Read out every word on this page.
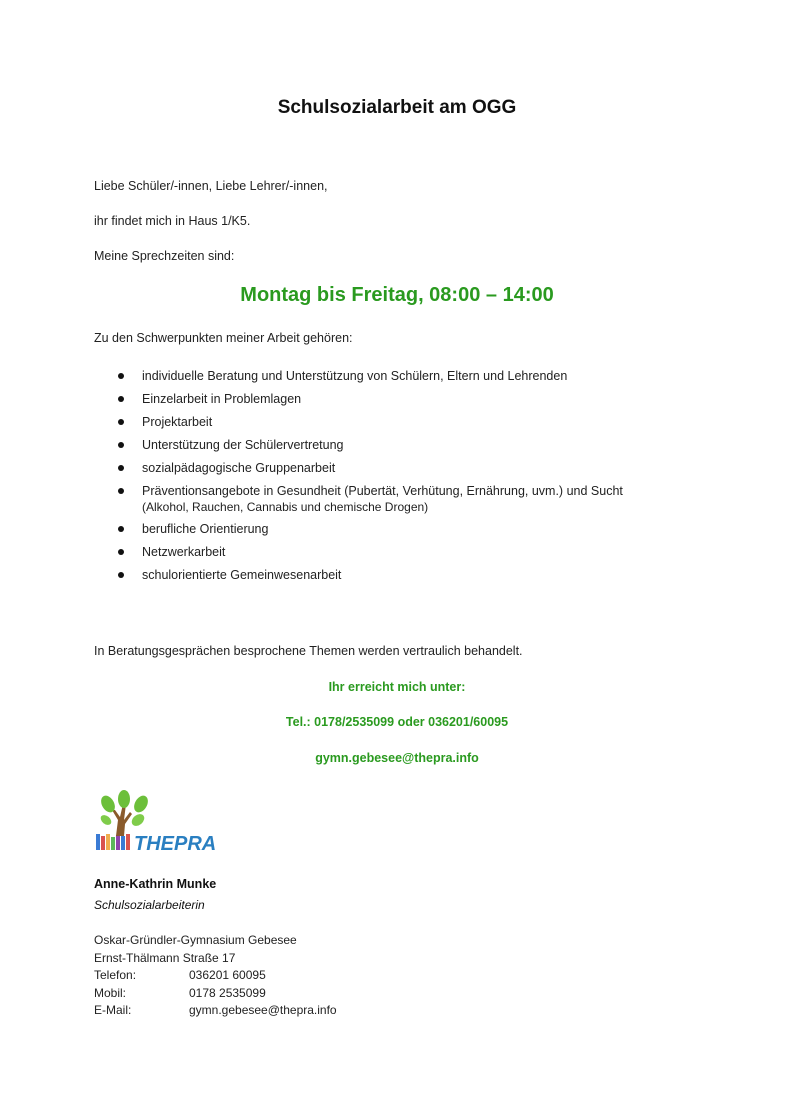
Schulsozialarbeit am OGG
Liebe Schüler/-innen, Liebe Lehrer/-innen,
ihr findet mich in Haus 1/K5.
Meine Sprechzeiten sind:
Montag bis Freitag, 08:00 – 14:00
Zu den Schwerpunkten meiner Arbeit gehören:
individuelle Beratung und Unterstützung von Schülern, Eltern und Lehrenden
Einzelarbeit in Problemlagen
Projektarbeit
Unterstützung der Schülervertretung
sozialpädagogische Gruppenarbeit
Präventionsangebote in Gesundheit (Pubertät, Verhütung, Ernährung, uvm.) und Sucht
(Alkohol, Rauchen, Cannabis und chemische Drogen)
berufliche Orientierung
Netzwerkarbeit
schulorientierte Gemeinwesenarbeit
In Beratungsgesprächen besprochene Themen werden vertraulich behandelt.
Ihr erreicht mich unter:
Tel.: 0178/2535099 oder 036201/60095
gymn.gebesee@thepra.info
THEPRA
Anne-Kathrin Munke
Schulsozialarbeiterin
Oskar-Gründler-Gymnasium Gebesee
Ernst-Thälmann Straße 17
Telefon:	036201 60095
Mobil:	0178 2535099
E-Mail:	gymn.gebesee@thepra.info
